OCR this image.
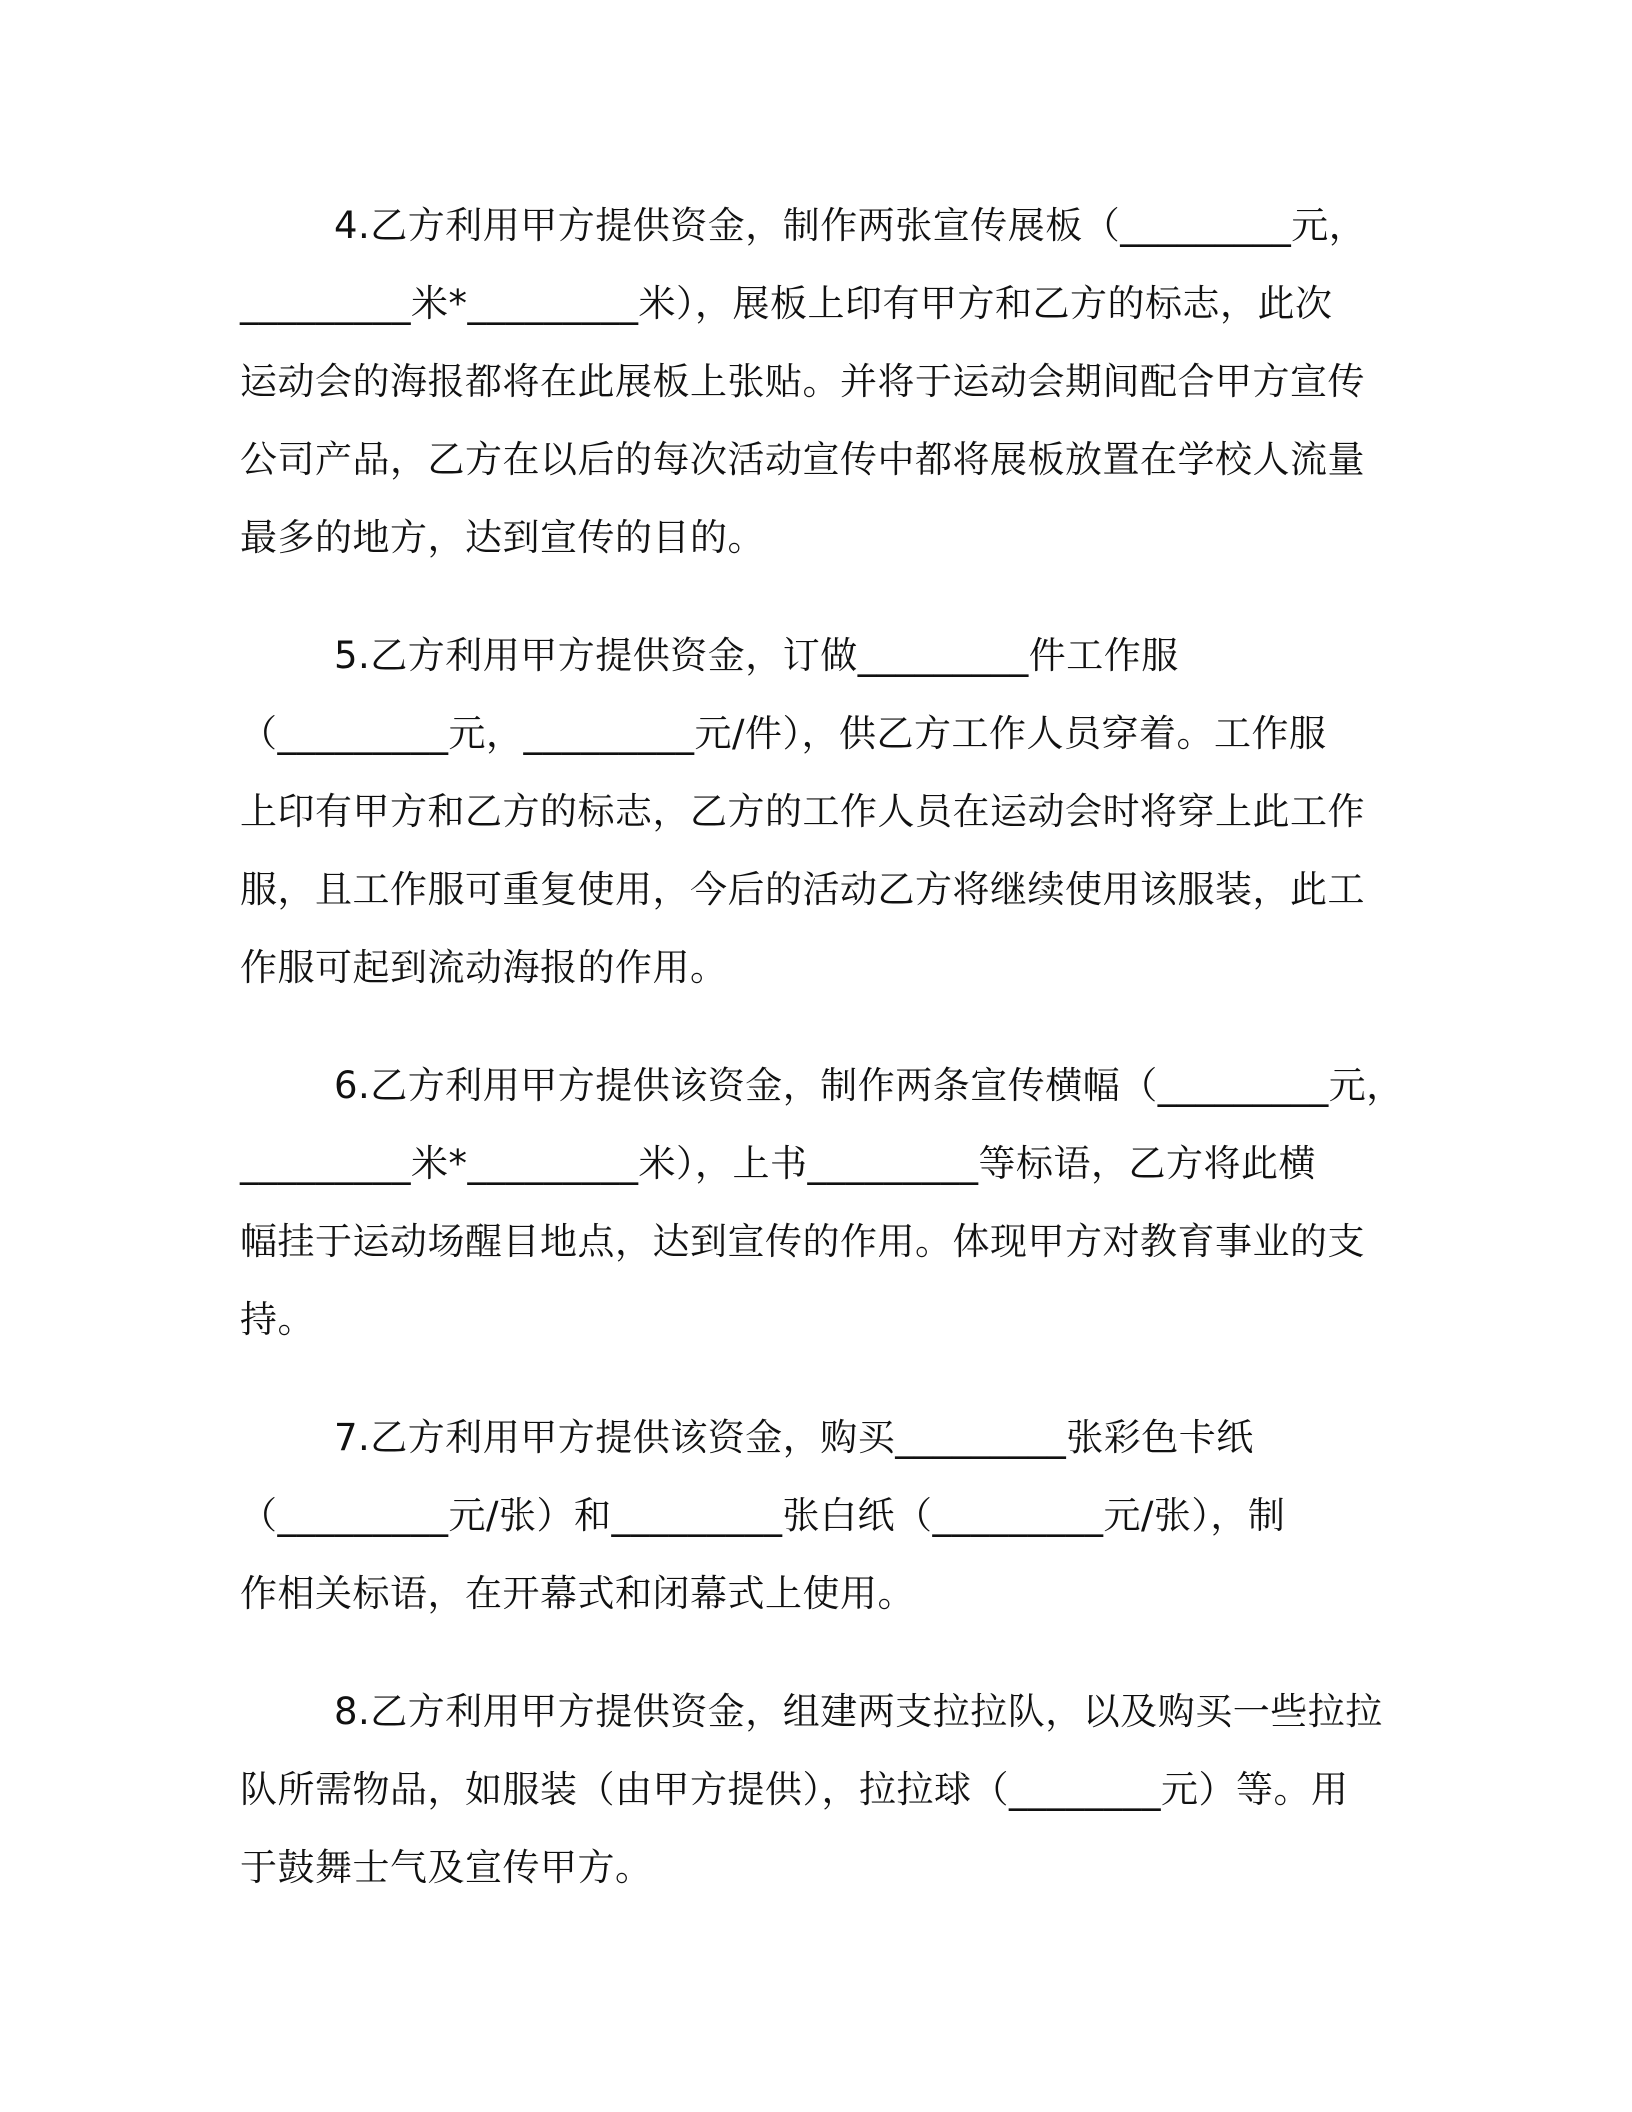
4.乙方利用甲方提供资金，制作两张宣传展板（_________元，
_________米*_________米），展板上印有甲方和乙方的标志，此次
运动会的海报都将在此展板上张贴。并将于运动会期间配合甲方宣传
公司产品，乙方在以后的每次活动宣传中都将展板放置在学校人流量
最多的地方，达到宣传的目的。
5.乙方利用甲方提供资金，订做_________件工作服
（_________元，_________元/件），供乙方工作人员穿着。工作服
上印有甲方和乙方的标志，乙方的工作人员在运动会时将穿上此工作
服，且工作服可重复使用，今后的活动乙方将继续使用该服装，此工
作服可起到流动海报的作用。
6.乙方利用甲方提供该资金，制作两条宣传横幅（_________元，
_________米*_________米），上书_________等标语，乙方将此横
幅挂于运动场醒目地点，达到宣传的作用。体现甲方对教育事业的支
持。
7.乙方利用甲方提供该资金，购买_________张彩色卡纸
（_________元/张）和_________张白纸（_________元/张），制
作相关标语，在开幕式和闭幕式上使用。
8.乙方利用甲方提供资金，组建两支拉拉队，以及购买一些拉拉
队所需物品，如服装（由甲方提供），拉拉球（________元）等。用
于鼓舞士气及宣传甲方。
